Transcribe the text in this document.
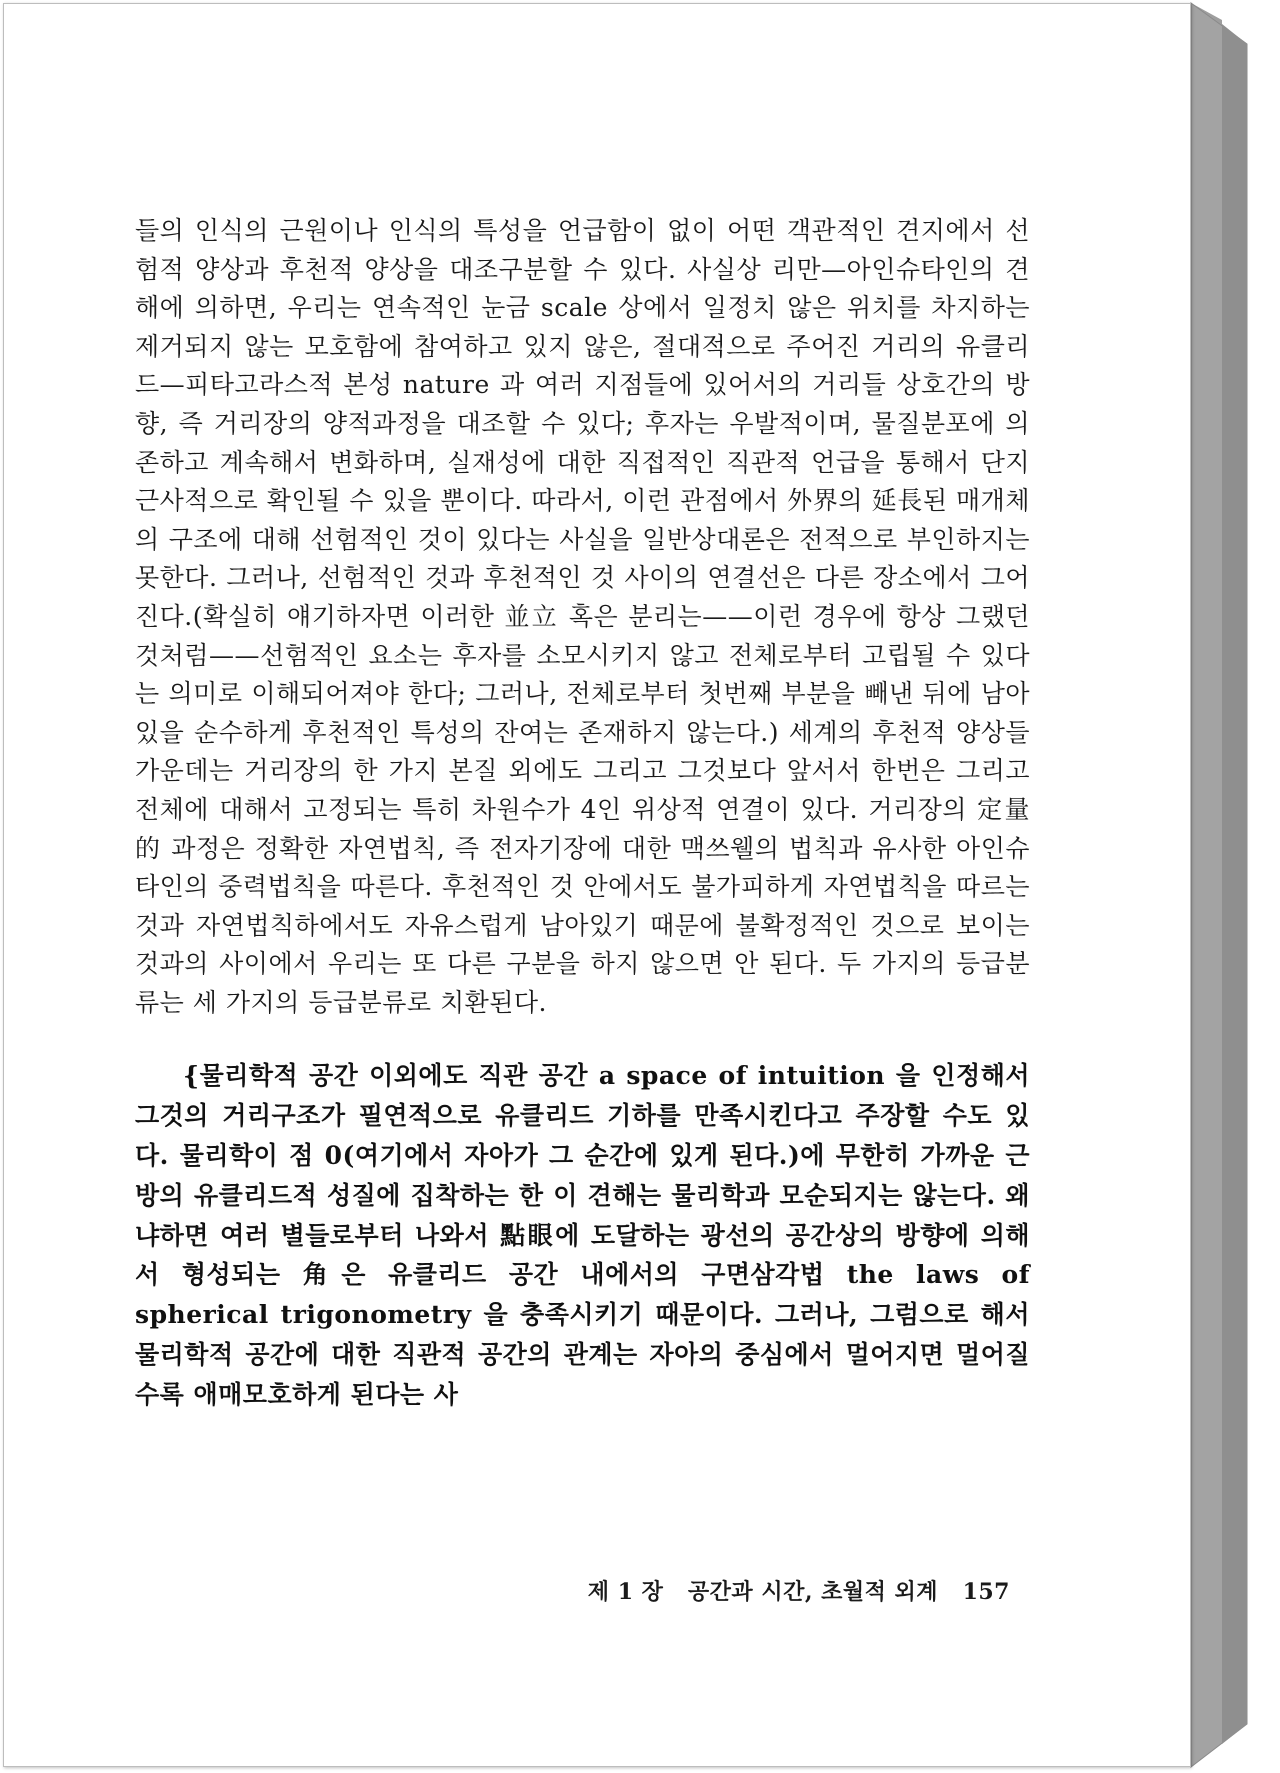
들의 인식의 근원이나 인식의 특성을 언급함이 없이 어떤 객관적인 견지에서 선험적 양상과 후천적 양상을 대조구분할 수 있다. 사실상 리만—아인슈타인의 견해에 의하면, 우리는 연속적인 눈금 scale 상에서 일정치 않은 위치를 차지하는 제거되지 않는 모호함에 참여하고 있지 않은, 절대적으로 주어진 거리의 유클리드—피타고라스적 본성 nature 과 여러 지점들에 있어서의 거리들 상호간의 방향, 즉 거리장의 양적과정을 대조할 수 있다; 후자는 우발적이며, 물질분포에 의존하고 계속해서 변화하며, 실재성에 대한 직접적인 직관적 언급을 통해서 단지 근사적으로 확인될 수 있을 뿐이다. 따라서, 이런 관점에서 外界의 延長된 매개체의 구조에 대해 선험적인 것이 있다는 사실을 일반상대론은 전적으로 부인하지는 못한다. 그러나, 선험적인 것과 후천적인 것 사이의 연결선은 다른 장소에서 그어진다.(확실히 얘기하자면 이러한 並立 혹은 분리는——이런 경우에 항상 그랬던 것처럼——선험적인 요소는 후자를 소모시키지 않고 전체로부터 고립될 수 있다는 의미로 이해되어져야 한다; 그러나, 전체로부터 첫번째 부분을 빼낸 뒤에 남아 있을 순수하게 후천적인 특성의 잔여는 존재하지 않는다.) 세계의 후천적 양상들 가운데는 거리장의 한 가지 본질 외에도 그리고 그것보다 앞서서 한번은 그리고 전체에 대해서 고정되는 특히 차원수가 4인 위상적 연결이 있다. 거리장의 定量的 과정은 정확한 자연법칙, 즉 전자기장에 대한 맥쓰웰의 법칙과 유사한 아인슈타인의 중력법칙을 따른다. 후천적인 것 안에서도 불가피하게 자연법칙을 따르는 것과 자연법칙하에서도 자유스럽게 남아있기 때문에 불확정적인 것으로 보이는 것과의 사이에서 우리는 또 다른 구분을 하지 않으면 안 된다. 두 가지의 등급분류는 세 가지의 등급분류로 치환된다.

{물리학적 공간 이외에도 직관 공간 a space of intuition 을 인정해서 그것의 거리구조가 필연적으로 유클리드 기하를 만족시킨다고 주장할 수도 있다. 물리학이 점 0(여기에서 자아가 그 순간에 있게 된다.)에 무한히 가까운 근방의 유클리드적 성질에 집착하는 한 이 견해는 물리학과 모순되지는 않는다. 왜냐하면 여러 별들로부터 나와서 點眼에 도달하는 광선의 공간상의 방향에 의해서 형성되는 角은 유클리드 공간 내에서의 구면삼각법 the laws of spherical trigonometry 을 충족시키기 때문이다. 그러나, 그럼으로 해서 물리학적 공간에 대한 직관적 공간의 관계는 자아의 중심에서 멀어지면 멀어질수록 애매모호하게 된다는 사

제 1 장 공간과 시간, 초월적 외계 157
